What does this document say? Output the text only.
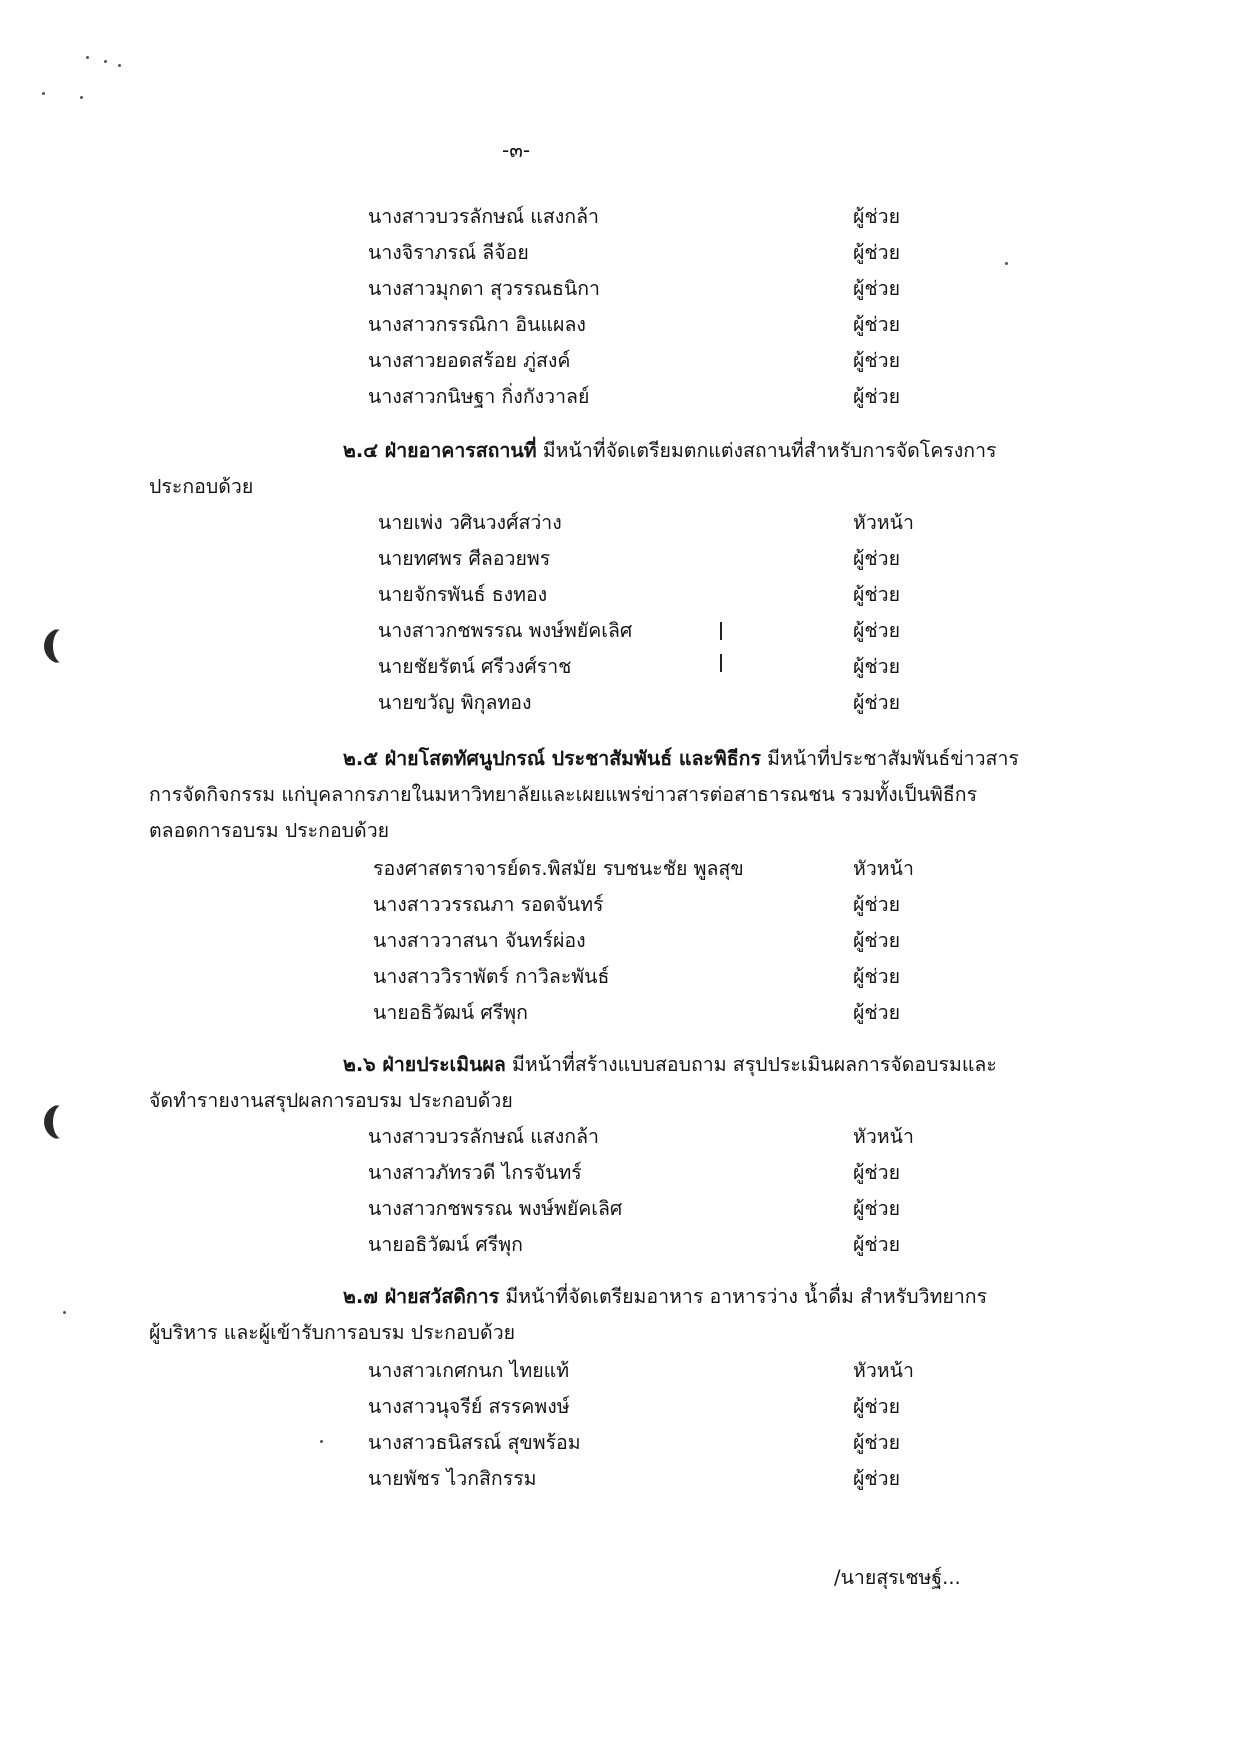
-๓-
นางสาวบวรลักษณ์ แสงกล้า	ผู้ช่วย
นางจิราภรณ์ ลีจ้อย	ผู้ช่วย
นางสาวมุกดา สุวรรณธนิกา	ผู้ช่วย
นางสาวกรรณิกา อินแผลง	ผู้ช่วย
นางสาวยอดสร้อย ภู่สงค์	ผู้ช่วย
นางสาวกนิษฐา กิ่งกังวาลย์	ผู้ช่วย
๒.๔ ฝ่ายอาคารสถานที่ มีหน้าที่จัดเตรียมตกแต่งสถานที่สำหรับการจัดโครงการ
ประกอบด้วย
นายเพ่ง วศินวงศ์สว่าง	หัวหน้า
นายทศพร ศีลอวยพร	ผู้ช่วย
นายจักรพันธ์ ธงทอง	ผู้ช่วย
นางสาวกชพรรณ พงษ์พยัคเลิศ	ผู้ช่วย
นายชัยรัตน์ ศรีวงศ์ราช	ผู้ช่วย
นายขวัญ พิกุลทอง	ผู้ช่วย
๒.๕ ฝ่ายโสตทัศนูปกรณ์ ประชาสัมพันธ์ และพิธีกร มีหน้าที่ประชาสัมพันธ์ข่าวสาร
การจัดกิจกรรม แก่บุคลากรภายในมหาวิทยาลัยและเผยแพร่ข่าวสารต่อสาธารณชน รวมทั้งเป็นพิธีกร
ตลอดการอบรม ประกอบด้วย
รองศาสตราจารย์ดร.พิสมัย รบชนะชัย พูลสุข	หัวหน้า
นางสาววรรณภา รอดจันทร์	ผู้ช่วย
นางสาววาสนา จันทร์ผ่อง	ผู้ช่วย
นางสาววิราพัตร์ กาวิละพันธ์	ผู้ช่วย
นายอธิวัฒน์ ศรีพุก	ผู้ช่วย
๒.๖ ฝ่ายประเมินผล มีหน้าที่สร้างแบบสอบถาม สรุปประเมินผลการจัดอบรมและ
จัดทำรายงานสรุปผลการอบรม ประกอบด้วย
นางสาวบวรลักษณ์ แสงกล้า	หัวหน้า
นางสาวภัทรวดี ไกรจันทร์	ผู้ช่วย
นางสาวกชพรรณ พงษ์พยัคเลิศ	ผู้ช่วย
นายอธิวัฒน์ ศรีพุก	ผู้ช่วย
๒.๗ ฝ่ายสวัสดิการ มีหน้าที่จัดเตรียมอาหาร อาหารว่าง น้ำดื่ม สำหรับวิทยากร
ผู้บริหาร และผู้เข้ารับการอบรม ประกอบด้วย
นางสาวเกศกนก ไทยแท้	หัวหน้า
นางสาวนุจรีย์ สรรคพงษ์	ผู้ช่วย
นางสาวธนิสรณ์ สุขพร้อม	ผู้ช่วย
นายพัชร ไวกสิกรรม	ผู้ช่วย
/นายสุรเชษฐ์...
